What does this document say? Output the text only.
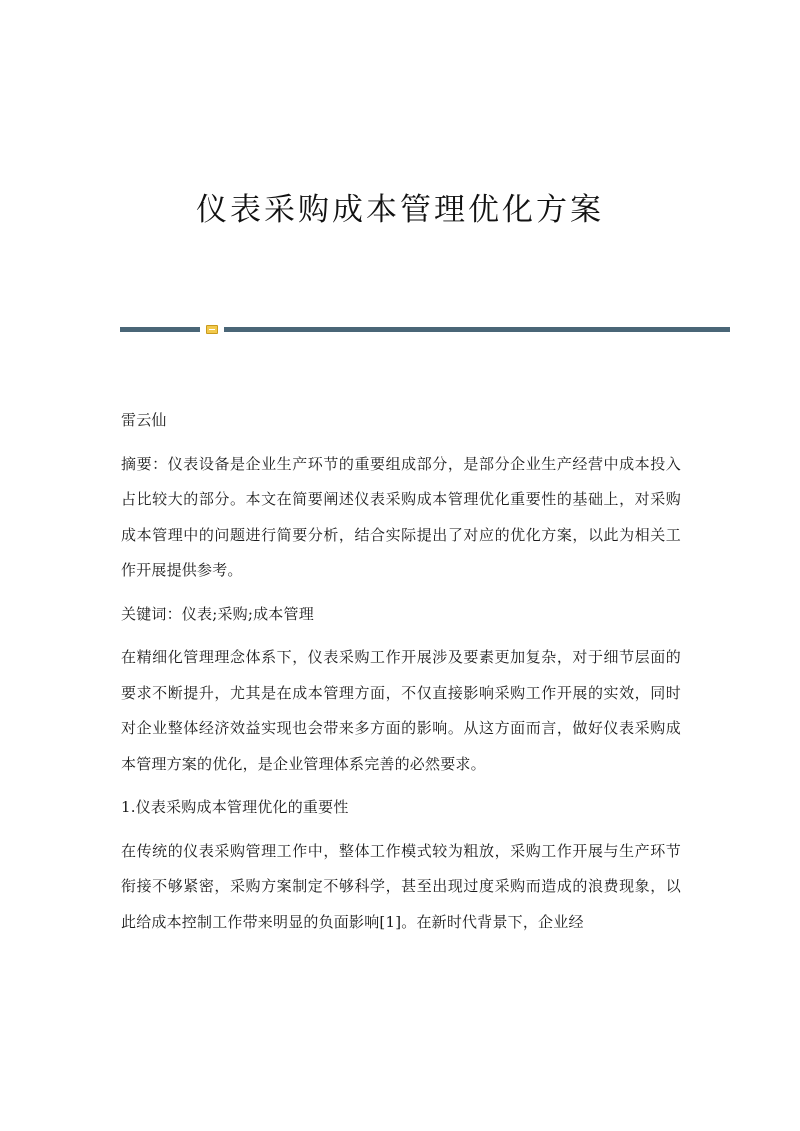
仪表采购成本管理优化方案

雷云仙

摘要：仪表设备是企业生产环节的重要组成部分，是部分企业生产经营中成本投入占比较大的部分。本文在简要阐述仪表采购成本管理优化重要性的基础上，对采购成本管理中的问题进行简要分析，结合实际提出了对应的优化方案，以此为相关工作开展提供参考。

关键词：仪表;采购;成本管理

在精细化管理理念体系下，仪表采购工作开展涉及要素更加复杂，对于细节层面的要求不断提升，尤其是在成本管理方面，不仅直接影响采购工作开展的实效，同时对企业整体经济效益实现也会带来多方面的影响。从这方面而言，做好仪表采购成本管理方案的优化，是企业管理体系完善的必然要求。

1.仪表采购成本管理优化的重要性

在传统的仪表采购管理工作中，整体工作模式较为粗放，采购工作开展与生产环节衔接不够紧密，采购方案制定不够科学，甚至出现过度采购而造成的浪费现象，以此给成本控制工作带来明显的负面影响[1]。在新时代背景下，企业经
